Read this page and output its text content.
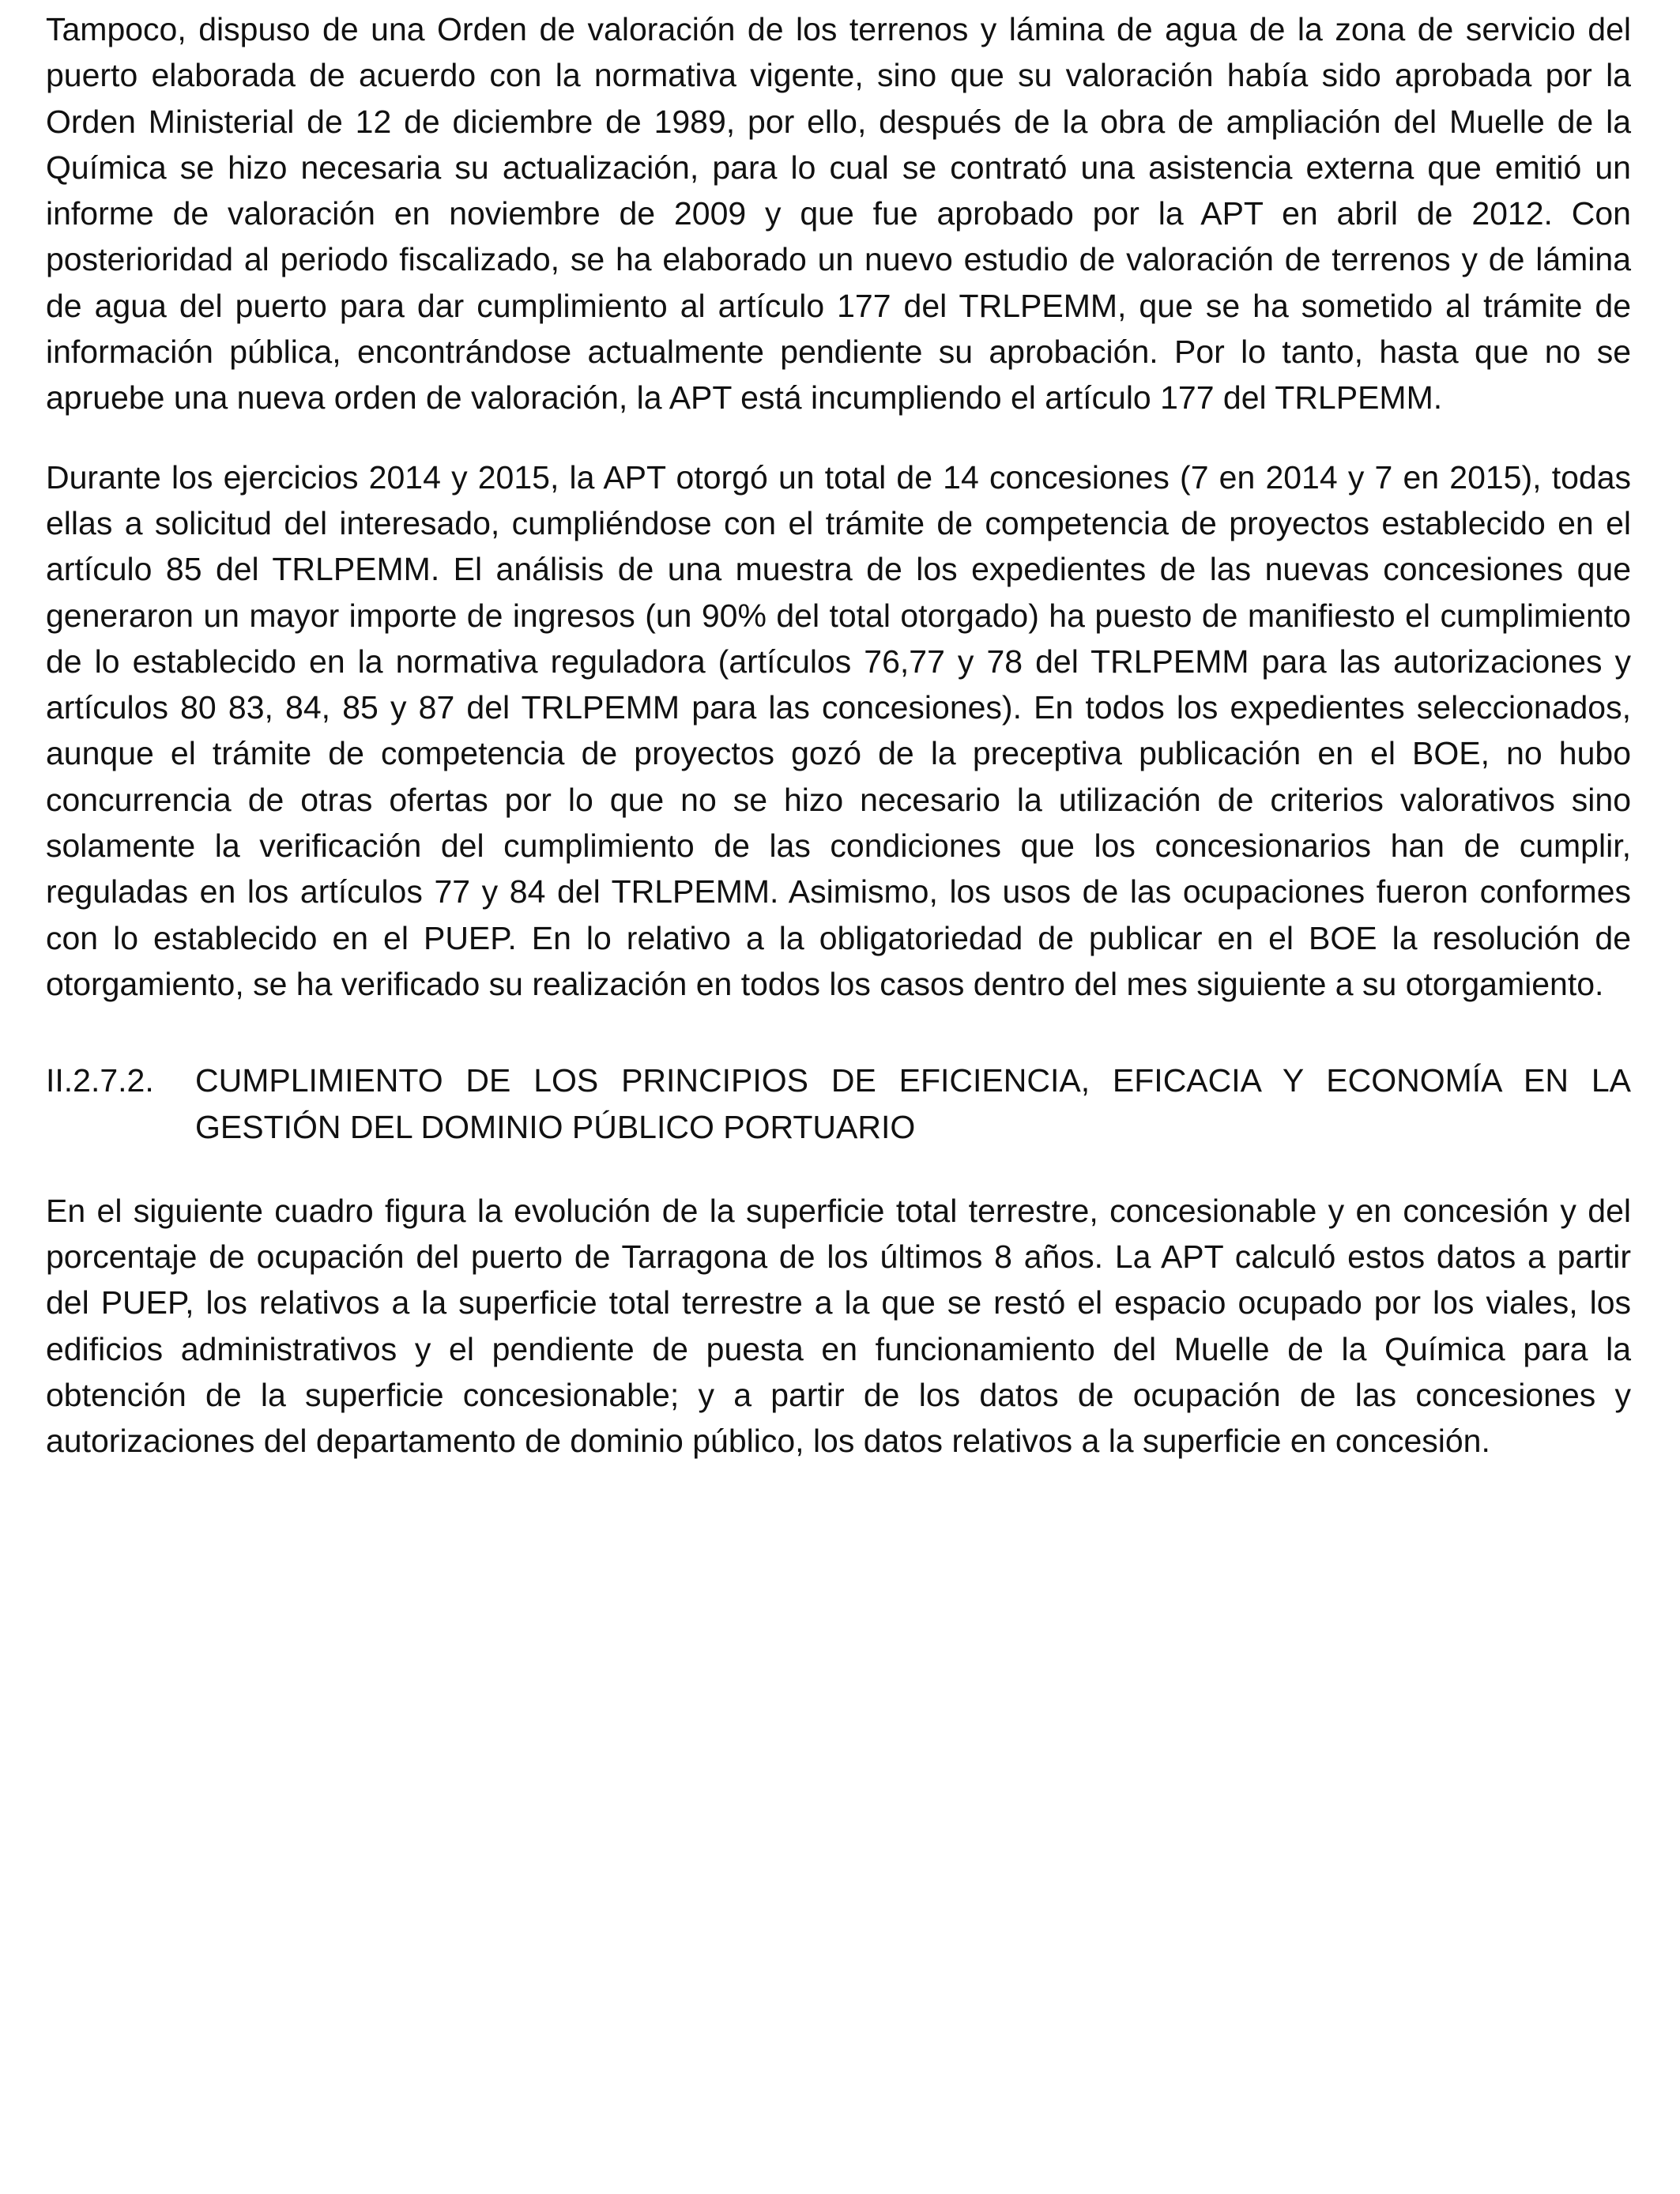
Tampoco, dispuso de una Orden de valoración de los terrenos y lámina de agua de la zona de servicio del puerto elaborada de acuerdo con la normativa vigente, sino que su valoración había sido aprobada por la Orden Ministerial de 12 de diciembre de 1989, por ello, después de la obra de ampliación del Muelle de la Química se hizo necesaria su actualización, para lo cual se contrató una asistencia externa que emitió un informe de valoración en noviembre de 2009 y que fue aprobado por la APT en abril de 2012. Con posterioridad al periodo fiscalizado, se ha elaborado un nuevo estudio de valoración de terrenos y de lámina de agua del puerto para dar cumplimiento al artículo 177 del TRLPEMM, que se ha sometido al trámite de información pública, encontrándose actualmente pendiente su aprobación. Por lo tanto, hasta que no se apruebe una nueva orden de valoración, la APT está incumpliendo el artículo 177 del TRLPEMM.

Durante los ejercicios 2014 y 2015, la APT otorgó un total de 14 concesiones (7 en 2014 y 7 en 2015), todas ellas a solicitud del interesado, cumpliéndose con el trámite de competencia de proyectos establecido en el artículo 85 del TRLPEMM. El análisis de una muestra de los expedientes de las nuevas concesiones que generaron un mayor importe de ingresos (un 90% del total otorgado) ha puesto de manifiesto el cumplimiento de lo establecido en la normativa reguladora (artículos 76,77 y 78 del TRLPEMM para las autorizaciones y artículos 80 83, 84, 85 y 87 del TRLPEMM para las concesiones). En todos los expedientes seleccionados, aunque el trámite de competencia de proyectos gozó de la preceptiva publicación en el BOE, no hubo concurrencia de otras ofertas por lo que no se hizo necesario la utilización de criterios valorativos sino solamente la verificación del cumplimiento de las condiciones que los concesionarios han de cumplir, reguladas en los artículos 77 y 84 del TRLPEMM. Asimismo, los usos de las ocupaciones fueron conformes con lo establecido en el PUEP. En lo relativo a la obligatoriedad de publicar en el BOE la resolución de otorgamiento, se ha verificado su realización en todos los casos dentro del mes siguiente a su otorgamiento.

II.2.7.2.	CUMPLIMIENTO DE LOS PRINCIPIOS DE EFICIENCIA, EFICACIA Y ECONOMÍA EN LA GESTIÓN DEL DOMINIO PÚBLICO PORTUARIO

En el siguiente cuadro figura la evolución de la superficie total terrestre, concesionable y en concesión y del porcentaje de ocupación del puerto de Tarragona de los últimos 8 años. La APT calculó estos datos a partir del PUEP, los relativos a la superficie total terrestre a la que se restó el espacio ocupado por los viales, los edificios administrativos y el pendiente de puesta en funcionamiento del Muelle de la Química para la obtención de la superficie concesionable; y a partir de los datos de ocupación de las concesiones y autorizaciones del departamento de dominio público, los datos relativos a la superficie en concesión.
